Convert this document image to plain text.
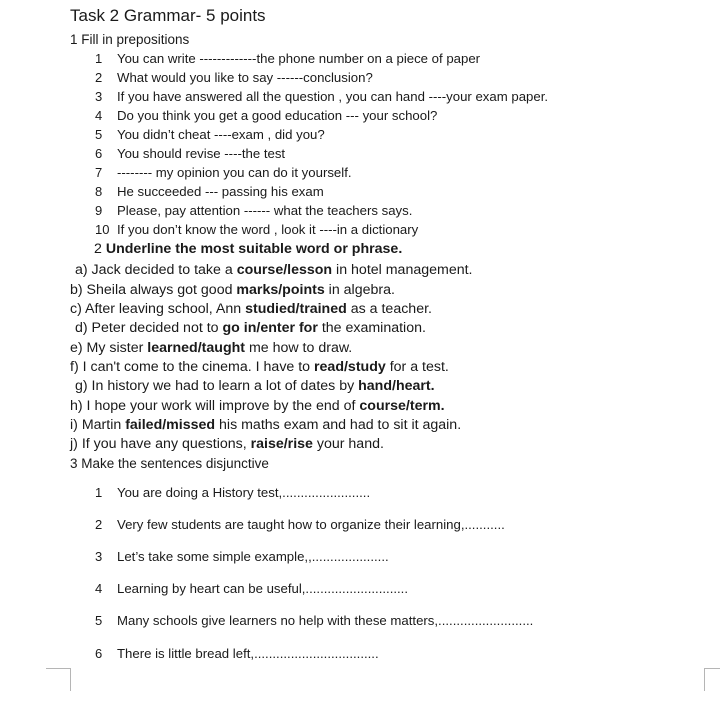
Task 2 Grammar- 5 points
1 Fill in prepositions
1 You can write -------------the phone number on a piece of paper
2 What would you like to say ------conclusion?
3 If you have answered all the question , you can hand ----your exam paper.
4 Do you think you get a good education --- your school?
5 You didn’t cheat ----exam , did you?
6 You should revise ----the test
7 -------- my opinion you can do it yourself.
8 He succeeded --- passing his exam
9 Please, pay attention ------ what the teachers says.
10 If you don’t know the word , look it ----in a dictionary
2 Underline the most suitable word or phrase.
a) Jack decided to take a course/lesson in hotel management.
b) Sheila always got good marks/points in algebra.
c) After leaving school, Ann studied/trained as a teacher.
d) Peter decided not to go in/enter for the examination.
e) My sister learned/taught me how to draw.
f) I can't come to the cinema. I have to read/study for a test.
g) In history we had to learn a lot of dates by hand/heart.
h) I hope your work will improve by the end of course/term.
i) Martin failed/missed his maths exam and had to sit it again.
j) If you have any questions, raise/rise your hand.
3 Make the sentences disjunctive
1 You are doing a History test,........................
2 Very few students are taught how to organize their learning,...........
3 Let’s take some simple example,,.....................
4 Learning by heart can be useful,............................
5 Many schools give learners no help with these matters,..........................
6 There is little bread left,..................................
